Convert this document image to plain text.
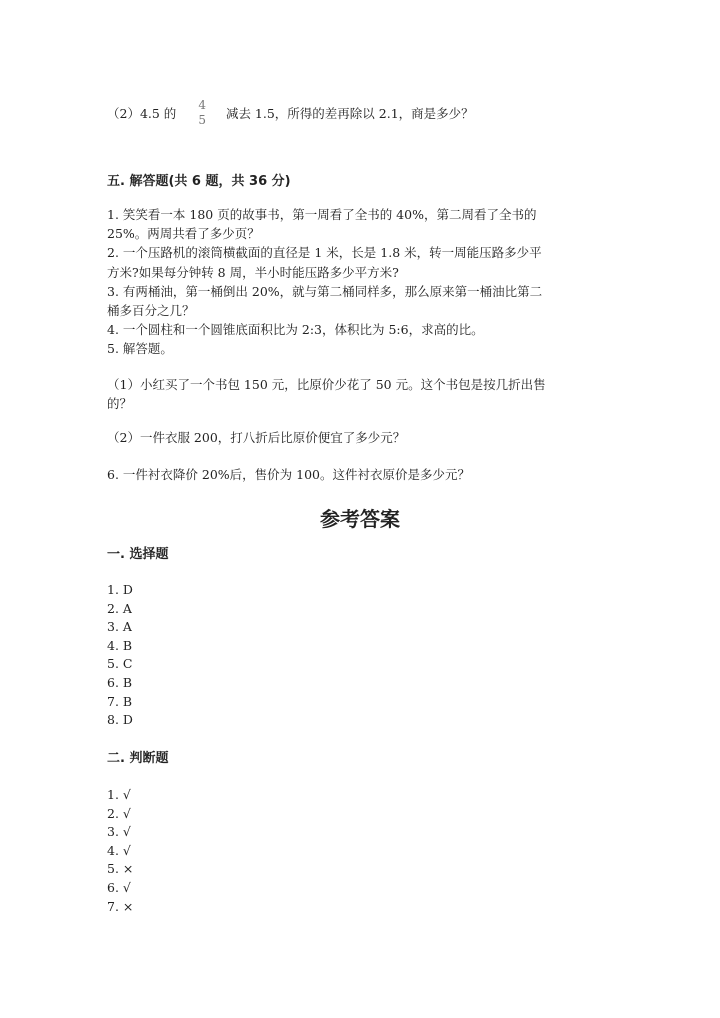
（2）4.5 的
4
5 减去 1.5，所得的差再除以 2.1，商是多少？
五. 解答题(共 6 题，共 36 分)
1. 笑笑看一本 180 页的故事书，第一周看了全书的 40%，第二周看了全书的
25%。两周共看了多少页？
2. 一个压路机的滚筒横截面的直径是 1 米，长是 1.8 米，转一周能压路多少平
方米?如果每分钟转 8 周，半小时能压路多少平方米?
3. 有两桶油，第一桶倒出 20%，就与第二桶同样多，那么原来第一桶油比第二
桶多百分之几？
4. 一个圆柱和一个圆锥底面积比为 2:3，体积比为 5:6，求高的比。
5. 解答题。
（1）小红买了一个书包 150 元，比原价少花了 50 元。这个书包是按几折出售
的？
（2）一件衣服 200，打八折后比原价便宜了多少元？
6. 一件衬衣降价 20%后，售价为 100。这件衬衣原价是多少元？
参考答案
一. 选择题
1. D
2. A
3. A
4. B
5. C
6. B
7. B
8. D
二. 判断题
1. √
2. √
3. √
4. √
5. ×
6. √
7. ×
